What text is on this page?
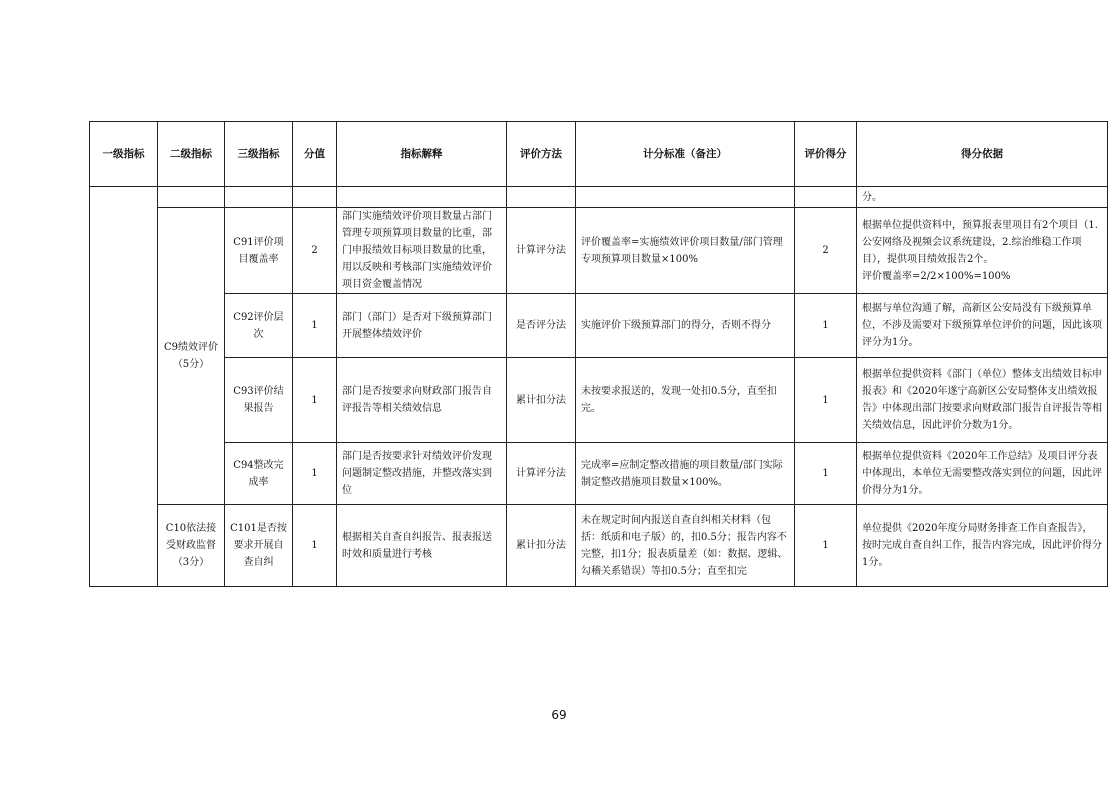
一级指标	二级指标	三级指标	分值	指标解释	评价方法	计分标准（备注）	评价得分	得分依据
								分。
	C9绩效评价（5分）	C91评价项目覆盖率	2	部门实施绩效评价项目数量占部门管理专项预算项目数量的比重，部门申报绩效目标项目数量的比重，用以反映和考核部门实施绩效评价项目资金覆盖情况	计算评分法	评价覆盖率=实施绩效评价项目数量/部门管理专项预算项目数量×100%	2	根据单位提供资料中，预算报表里项目有2个项目（1.公安网络及视频会议系统建设，2.综治维稳工作项目），提供项目绩效报告2个。
评价覆盖率=2/2×100%=100%

		C92评价层次	1	部门（部门）是否对下级预算部门开展整体绩效评价	是否评分法	实施评价下级预算部门的得分，否则不得分	1	根据与单位沟通了解，高新区公安局没有下级预算单位，不涉及需要对下级预算单位评价的问题，因此该项评分为1分。
		C93评价结果报告	1	部门是否按要求向财政部门报告自评报告等相关绩效信息	累计扣分法	未按要求报送的，发现一处扣0.5分，直至扣完。	1	根据单位提供资料《部门（单位）整体支出绩效目标申报表》和《2020年遂宁高新区公安局整体支出绩效报告》中体现出部门按要求向财政部门报告自评报告等相关绩效信息，因此评价分数为1分。
		C94整改完成率	1	部门是否按要求针对绩效评价发现问题制定整改措施，并整改落实到位	计算评分法	完成率=应制定整改措施的项目数量/部门实际制定整改措施项目数量×100%。	1	根据单位提供资料《2020年工作总结》及项目评分表中体现出，本单位无需要整改落实到位的问题，因此评价得分为1分。
	C10依法接受财政监督（3分）	C101是否按要求开展自查自纠	1	根据相关自查自纠报告、报表报送时效和质量进行考核	累计扣分法	未在规定时间内报送自查自纠相关材料（包括：纸质和电子版）的，扣0.5分；报告内容不完整，扣1分；报表质量差（如：数据、逻辑、勾稽关系错误）等扣0.5分；直至扣完	1	单位提供《2020年度分局财务排查工作自查报告》，按时完成自查自纠工作，报告内容完成，因此评价得分1分。
69
